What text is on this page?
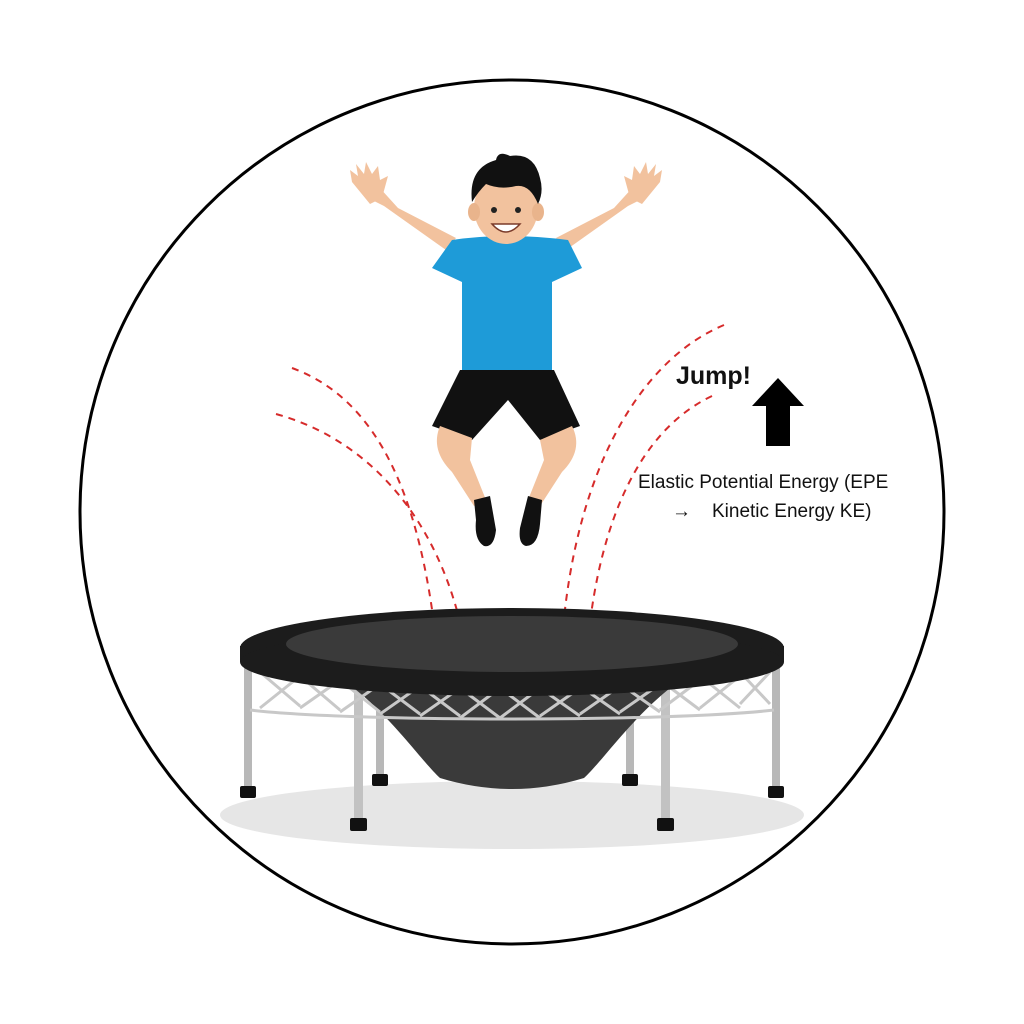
Jump!
Elastic Potential Energy (EPE
→ Kinetic Energy KE)
